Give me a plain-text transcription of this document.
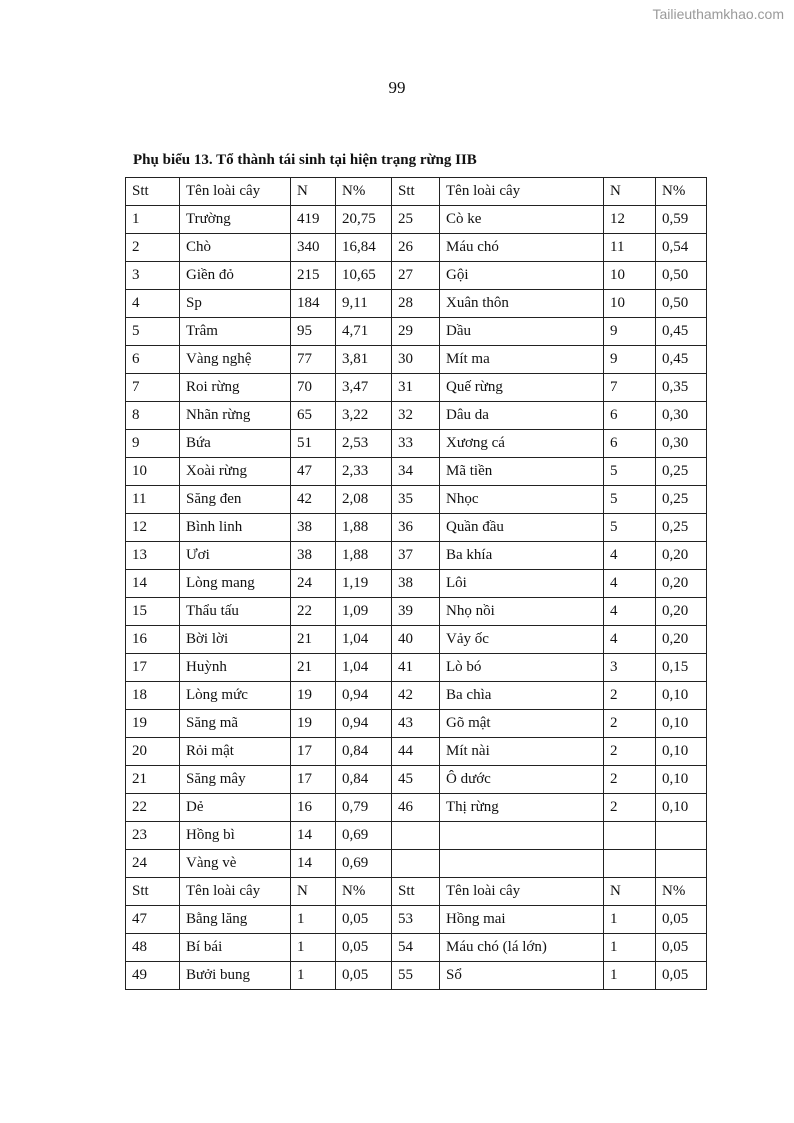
Tailieuthamkhao.com
99
Phụ biểu 13. Tổ thành tái sinh tại hiện trạng rừng IIB
Stt	Tên loài cây	N	N%	Stt	Tên loài cây	N	N%
1	Trường	419	20,75	25	Cò ke	12	0,59
2	Chò	340	16,84	26	Máu chó	11	0,54
3	Giền đỏ	215	10,65	27	Gội	10	0,50
4	Sp	184	9,11	28	Xuân thôn	10	0,50
5	Trâm	95	4,71	29	Dầu	9	0,45
6	Vàng nghệ	77	3,81	30	Mít ma	9	0,45
7	Roi rừng	70	3,47	31	Quế rừng	7	0,35
8	Nhãn rừng	65	3,22	32	Dâu da	6	0,30
9	Bứa	51	2,53	33	Xương cá	6	0,30
10	Xoài rừng	47	2,33	34	Mã tiền	5	0,25
11	Săng đen	42	2,08	35	Nhọc	5	0,25
12	Bình linh	38	1,88	36	Quần đầu	5	0,25
13	Ươi	38	1,88	37	Ba khía	4	0,20
14	Lòng mang	24	1,19	38	Lôi	4	0,20
15	Thẩu tấu	22	1,09	39	Nhọ nồi	4	0,20
16	Bời lời	21	1,04	40	Vảy ốc	4	0,20
17	Huỳnh	21	1,04	41	Lò bó	3	0,15
18	Lòng mức	19	0,94	42	Ba chìa	2	0,10
19	Săng mã	19	0,94	43	Gõ mật	2	0,10
20	Rỏi mật	17	0,84	44	Mít nài	2	0,10
21	Săng mây	17	0,84	45	Ô dước	2	0,10
22	Dẻ	16	0,79	46	Thị rừng	2	0,10
23	Hồng bì	14	0,69				
24	Vàng vè	14	0,69				
Stt	Tên loài cây	N	N%	Stt	Tên loài cây	N	N%
47	Bằng lăng	1	0,05	53	Hồng mai	1	0,05
48	Bí bái	1	0,05	54	Máu chó (lá lớn)	1	0,05
49	Bưởi bung	1	0,05	55	Sổ	1	0,05
